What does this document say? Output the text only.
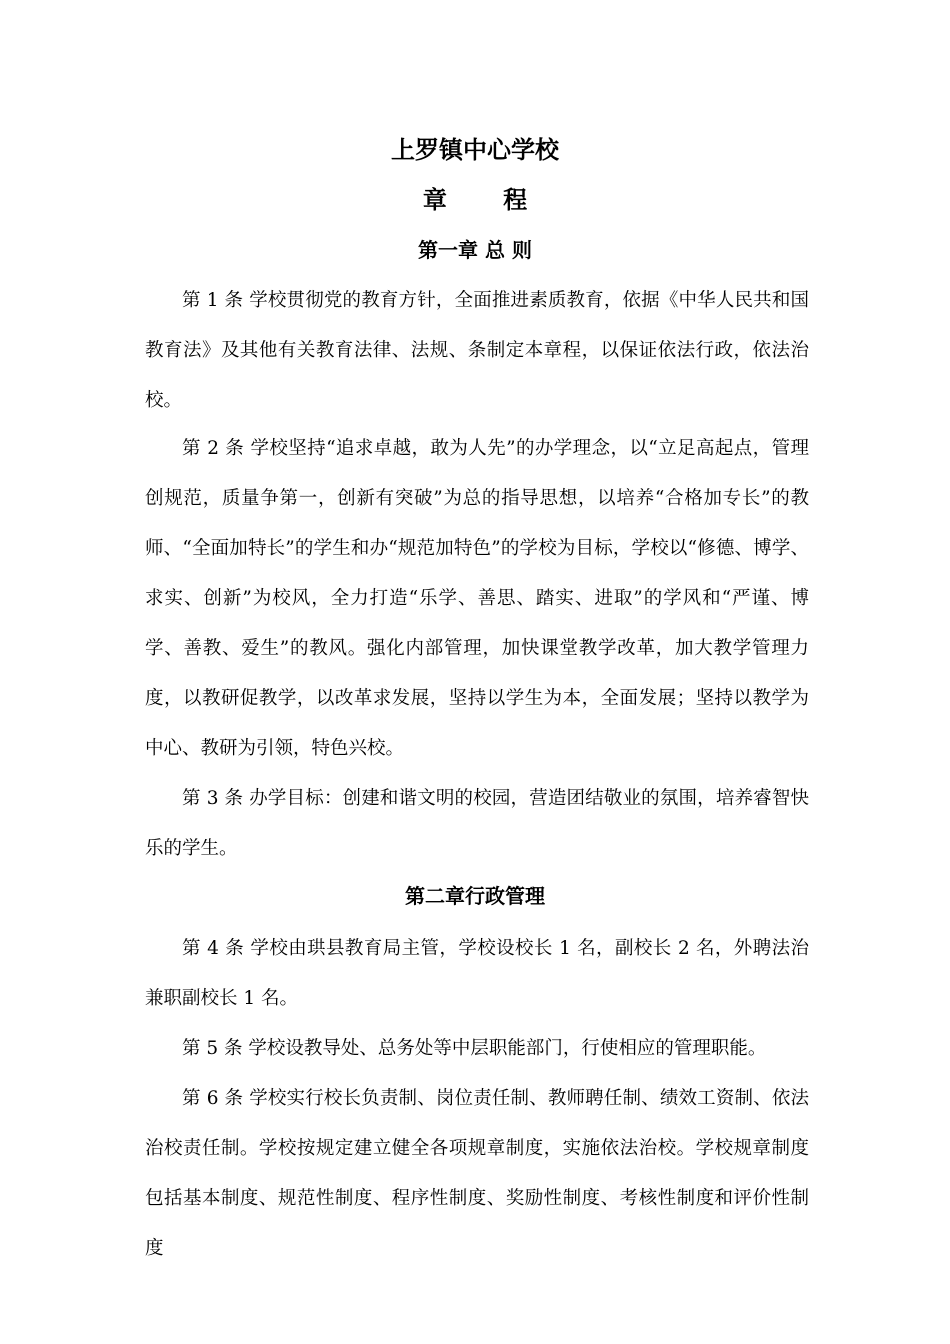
上罗镇中心学校
章 程
第一章 总 则

第 1 条 学校贯彻党的教育方针，全面推进素质教育，依据《中华人民共和国教育法》及其他有关教育法律、法规、条制定本章程，以保证依法行政，依法治校。

第 2 条 学校坚持“追求卓越，敢为人先”的办学理念，以“立足高起点，管理创规范，质量争第一，创新有突破”为总的指导思想，以培养“合格加专长”的教师、“全面加特长”的学生和办“规范加特色”的学校为目标，学校以“修德、博学、求实、创新”为校风，全力打造“乐学、善思、踏实、进取”的学风和“严谨、博学、善教、爱生”的教风。强化内部管理，加快课堂教学改革，加大教学管理力度，以教研促教学，以改革求发展，坚持以学生为本，全面发展；坚持以教学为中心、教研为引领，特色兴校。

第 3 条 办学目标：创建和谐文明的校园，营造团结敬业的氛围，培养睿智快乐的学生。

第二章行政管理

第 4 条 学校由珙县教育局主管，学校设校长 1 名，副校长 2 名，外聘法治兼职副校长 1 名。

第 5 条 学校设教导处、总务处等中层职能部门，行使相应的管理职能。

第 6 条 学校实行校长负责制、岗位责任制、教师聘任制、绩效工资制、依法治校责任制。学校按规定建立健全各项规章制度，实施依法治校。学校规章制度包括基本制度、规范性制度、程序性制度、奖励性制度、考核性制度和评价性制度
